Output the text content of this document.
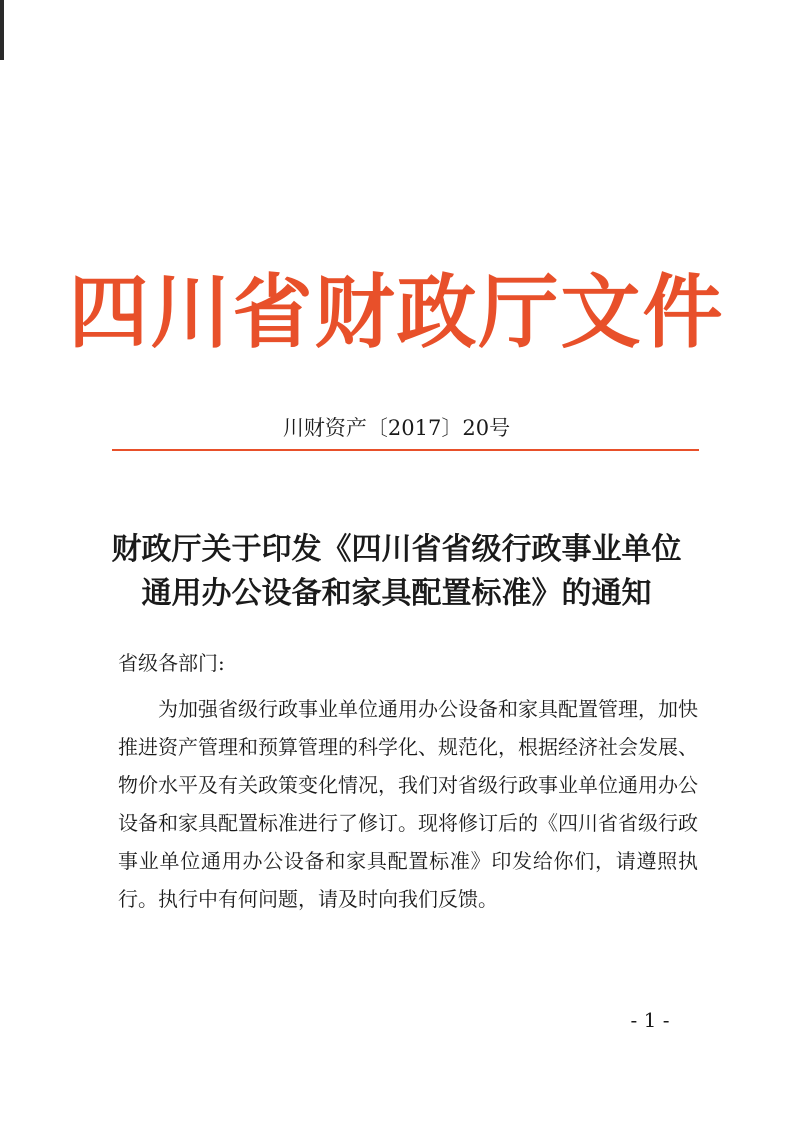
四川省财政厅文件
川财资产〔2017〕20号
财政厅关于印发《四川省省级行政事业单位
通用办公设备和家具配置标准》的通知
省级各部门:
为加强省级行政事业单位通用办公设备和家具配置管理，加快推进资产管理和预算管理的科学化、规范化，根据经济社会发展、物价水平及有关政策变化情况，我们对省级行政事业单位通用办公设备和家具配置标准进行了修订。现将修订后的《四川省省级行政事业单位通用办公设备和家具配置标准》印发给你们，请遵照执行。执行中有何问题，请及时向我们反馈。
- 1 -
